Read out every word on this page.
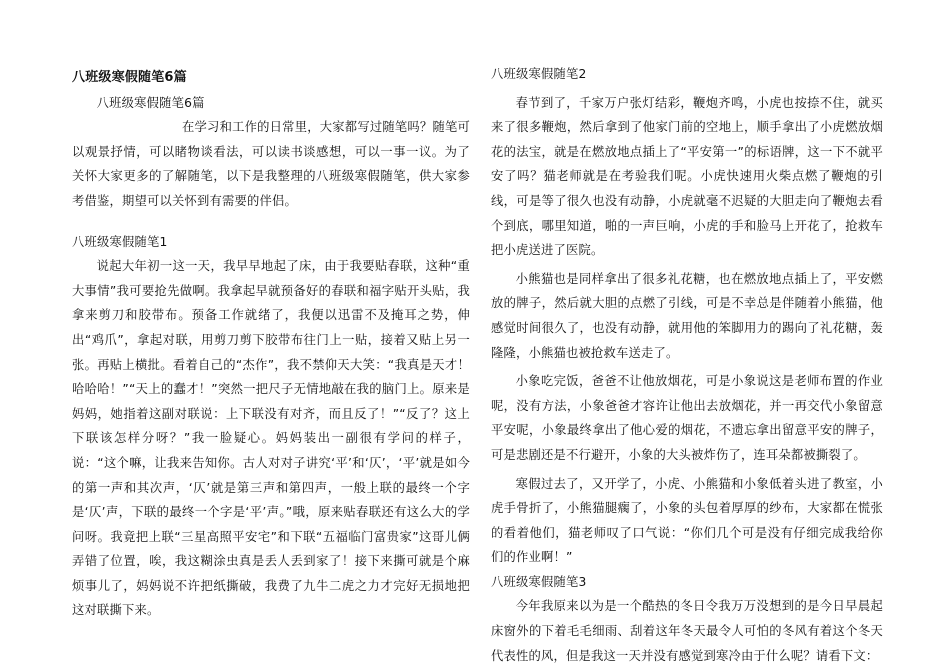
八班级寒假随笔6篇

八班级寒假随笔6篇

在学习和工作的日常里，大家都写过随笔吗？随笔可以观景抒情，可以睹物谈看法，可以读书谈感想，可以一事一议。为了关怀大家更多的了解随笔，以下是我整理的八班级寒假随笔，供大家参考借鉴，期望可以关怀到有需要的伴侣。

八班级寒假随笔1

说起大年初一这一天，我早早地起了床，由于我要贴春联，这种“重大事情”我可要抢先做啊。我拿起早就预备好的春联和福字贴开头贴，我拿来剪刀和胶带布。预备工作就绪了，我便以迅雷不及掩耳之势，伸出“鸡爪”，拿起对联，用剪刀剪下胶带布往门上一贴，接着又贴上另一张。再贴上横批。看着自己的“杰作”，我不禁仰天大笑：“我真是天才！哈哈哈！”“天上的蠢才！”突然一把尺子无情地敲在我的脑门上。原来是妈妈，她指着这副对联说：上下联没有对齐，而且反了！”“反了？这上下联该怎样分呀？”我一脸疑心。妈妈装出一副很有学问的样子，说：“这个嘛，让我来告知你。古人对对子讲究‘平’和‘仄’，‘平’就是如今的第一声和其次声，‘仄’就是第三声和第四声，一般上联的最终一个字是‘仄’声，下联的最终一个字是‘平’声。”哦，原来贴春联还有这么大的学问呀。我竟把上联“三星高照平安宅”和下联“五福临门富贵家”这哥儿俩弄错了位置，唉，我这糊涂虫真是丢人丢到家了！接下来撕可就是个麻烦事儿了，妈妈说不许把纸撕破，我费了九牛二虎之力才完好无损地把这对联撕下来。

八班级寒假随笔2

春节到了，千家万户张灯结彩，鞭炮齐鸣，小虎也按捺不住，就买来了很多鞭炮，然后拿到了他家门前的空地上，顺手拿出了小虎燃放烟花的法宝，就是在燃放地点插上了“平安第一”的标语牌，这一下不就平安了吗？猫老师就是在考验我们呢。小虎快速用火柴点燃了鞭炮的引线，可是等了很久也没有动静，小虎就毫不迟疑的大胆走向了鞭炮去看个到底，哪里知道，啪的一声巨响，小虎的手和脸马上开花了，抢救车把小虎送进了医院。

小熊猫也是同样拿出了很多礼花糖，也在燃放地点插上了，平安燃放的牌子，然后就大胆的点燃了引线，可是不幸总是伴随着小熊猫，他感觉时间很久了，也没有动静，就用他的笨脚用力的踢向了礼花糖，轰隆隆，小熊猫也被抢救车送走了。

小象吃完饭，爸爸不让他放烟花，可是小象说这是老师布置的作业呢，没有方法，小象爸爸才容许让他出去放烟花，并一再交代小象留意平安呢，小象最终拿出了他心爱的烟花，不遗忘拿出留意平安的牌子，可是悲剧还是不行避开，小象的大头被炸伤了，连耳朵都被撕裂了。

寒假过去了，又开学了，小虎、小熊猫和小象低着头进了教室，小虎手骨折了，小熊猫腿瘸了，小象的头包着厚厚的纱布，大家都在慌张的看着他们，猫老师叹了口气说：“你们几个可是没有仔细完成我给你们的作业啊！”

八班级寒假随笔3

今年我原来以为是一个酷热的冬日令我万万没想到的是今日早晨起床窗外的下着毛毛细雨、刮着这年冬天最令人可怕的冬风有着这个冬天代表性的风，但是我这一天并没有感觉到寒冷由于什么呢？请看下文：
